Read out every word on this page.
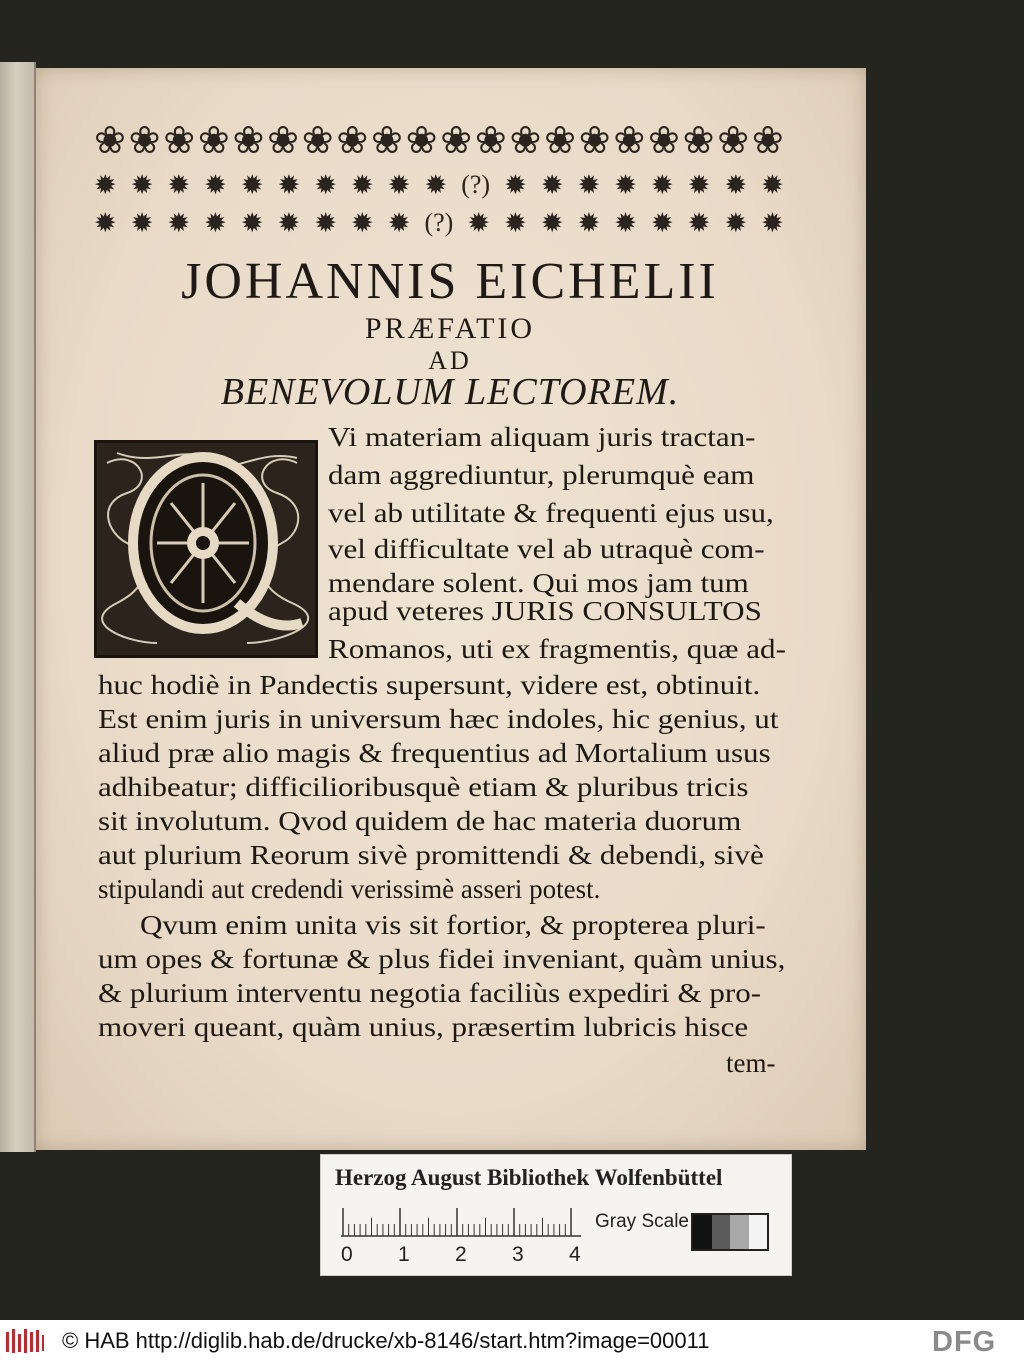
❀ ❀ ❀ ❀ ❀ ❀ ❀ ❀ ❀ ❀ ❀ ❀ ❀ ❀ ❀ ❀ ❀ ❀ ❀ ❀
✹ ✹ ✹ ✹ ✹ ✹ ✹ ✹ ✹ ✹ (?) ✹ ✹ ✹ ✹ ✹ ✹ ✹ ✹
✹ ✹ ✹ ✹ ✹ ✹ ✹ ✹ ✹ (?) ✹ ✹ ✹ ✹ ✹ ✹ ✹ ✹ ✹
JOHANNIS EICHELII
PRÆFATIO
AD
BENEVOLUM LECTOREM.
Vi materiam aliquam juris tractan-
dam aggrediuntur, plerumquè eam
vel ab utilitate & frequenti ejus usu,
vel difficultate vel ab utraquè com-
mendare solent. Qui mos jam tum
apud veteres JURIS CONSULTOS
Romanos, uti ex fragmentis, quæ ad-
huc hodiè in Pandectis supersunt, videre est, obtinuit.
Est enim juris in universum hæc indoles, hic genius, ut
aliud præ alio magis & frequentius ad Mortalium usus
adhibeatur; difficilioribusquè etiam & pluribus tricis
sit involutum. Qvod quidem de hac materia duorum
aut plurium Reorum sivè promittendi & debendi, sivè
stipulandi aut credendi verissimè asseri potest.
Qvum enim unita vis sit fortior, & propterea pluri-
um opes & fortunæ & plus fidei inveniant, quàm unius,
& plurium interventu negotia faciliùs expediri & pro-
moveri queant, quàm unius, præsertim lubricis hisce
tem-
Herzog August Bibliothek Wolfenbüttel
0 1 2 3 4
Gray Scale
© HAB http://diglib.hab.de/drucke/xb-8146/start.htm?image=00011	DFG
